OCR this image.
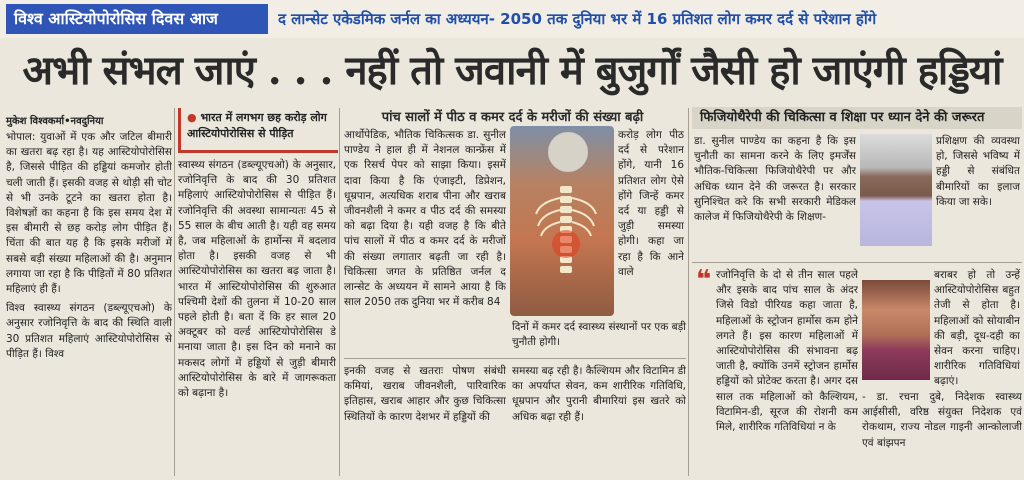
विश्व आस्टियोपोरोसिस दिवस आज	द लान्सेट एकेडमिक जर्नल का अध्ययन- 2050 तक दुनिया भर में 16 प्रतिशत लोग कमर दर्द से परेशान होंगे
अभी संभल जाएं . . . नहीं तो जवानी में बुजुर्गों जैसी हो जाएंगी हड्डियां
मुकेश विश्वकर्मा•नवदुनिया

भोपाल: युवाओं में एक और जटिल बीमारी का खतरा बढ़ रहा है। यह आस्टियोपोरोसिस है, जिससे पीड़ित की हड्डियां कमजोर होती चली जाती हैं। इसकी वजह से थोड़ी सी चोट से भी उनके टूटने का खतरा होता है। विशेषज्ञों का कहना है कि इस समय देश में इस बीमारी से छह करोड़ लोग पीड़ित हैं। चिंता की बात यह है कि इसके मरीजों में सबसे बड़ी संख्या महिलाओं की है। अनुमान लगाया जा रहा है कि पीड़ितों में 80 प्रतिशत महिलाएं ही हैं।

विश्व स्वास्थ्य संगठन (डब्ल्यूएचओ) के अनुसार रजोनिवृत्ति के बाद की स्थिति वाली 30 प्रतिशत महिलाएं आस्टियोपोरोसिस से पीड़ित हैं। विश्व

● भारत में लगभग छह करोड़ लोग आस्टियोपोरोसिस से पीड़ित

स्वास्थ्य संगठन (डब्ल्यूएचओ) के अनुसार, रजोनिवृत्ति के बाद की 30 प्रतिशत महिलाएं आस्टियोपोरोसिस से पीड़ित हैं। रजोनिवृत्ति की अवस्था सामान्यतः 45 से 55 साल के बीच आती है। यही वह समय है, जब महिलाओं के हार्मोन्स में बदलाव होता है। इसकी वजह से भी आस्टियोपोरोसिस का खतरा बढ़ जाता है। भारत में आस्टियोपोरोसिस की शुरुआत पश्चिमी देशों की तुलना में 10-20 साल पहले होती है। बता दें कि हर साल 20 अक्टूबर को वर्ल्ड आस्टियोपोरोसिस डे मनाया जाता है। इस दिन को मनाने का मकसद लोगों में हड्डियों से जुड़ी बीमारी आस्टियोपोरोसिस के बारे में जागरूकता को बढ़ाना है।

पांच सालों में पीठ व कमर दर्द के मरीजों की संख्या बढ़ी
आर्थोपेडिक, भौतिक चिकित्सक डा. सुनील पाण्डेय ने हाल ही में नेशनल कान्फ्रेंस में एक रिसर्च पेपर को साझा किया। इसमें दावा किया है कि एंजाइटी, डिप्रेशन, धूम्रपान, अत्यधिक शराब पीना और खराब जीवनशैली ने कमर व पीठ दर्द की समस्या को बढ़ा दिया है। यही वजह है कि बीते पांच सालों में पीठ व कमर दर्द के मरीजों की संख्या लगातार बढ़ती जा रही है। चिकित्सा जगत के प्रतिष्ठित जर्नल द लान्सेट के अध्ययन में सामने आया है कि साल 2050 तक दुनिया भर में करीब 84
करोड़ लोग पीठ दर्द से परेशान होंगे, यानी 16 प्रतिशत लोग ऐसे होंगे जिन्हें कमर दर्द या हड्डी से जुड़ी समस्या होगी। कहा जा रहा है कि आने वाले
दिनों में कमर दर्द स्वास्थ्य संस्थानों पर एक बड़ी चुनौती होगी।
इनकी वजह से खतराः पोषण संबंधी कमियां, खराब जीवनशैली, पारिवारिक इतिहास, खराब आहार और कुछ चिकित्सा स्थितियों के कारण देशभर में हड्डियों की
समस्या बढ़ रही है। कैल्शियम और विटामिन डी का अपर्याप्त सेवन, कम शारीरिक गतिविधि, धूम्रपान और पुरानी बीमारियां इस खतरे को अधिक बढ़ा रही हैं।
फिजियोथैरेपी की चिकित्सा व शिक्षा पर ध्यान देने की जरूरत
डा. सुनील पाण्डेय का कहना है कि इस चुनौती का सामना करने के लिए इमर्जेंस भौतिक-चिकित्सा फिजियोथैरेपी पर और अधिक ध्यान देने की जरूरत है। सरकार सुनिश्चित करे कि सभी सरकारी मेडिकल कालेज में फिजियोथैरेपी के शिक्षण-
प्रशिक्षण की व्यवस्था हो, जिससे भविष्य में हड्डी से संबंधित बीमारियों का इलाज किया जा सके।
❝ रजोनिवृत्ति के दो से तीन साल पहले और इसके बाद पांच साल के अंदर जिसे विडो पीरियड कहा जाता है, महिलाओं के स्ट्रोजन हार्मोस कम होने लगते हैं। इस कारण महिलाओं में आस्टियोपोरोसिस की संभावना बढ़ जाती है, क्योंकि उनमें स्ट्रोजन हार्मोस हड्डियों को प्रोटेक्ट करता है। अगर दस साल तक महिलाओं को कैल्शियम, विटामिन-डी, सूरज की रोशनी कम मिले, शारीरिक गतिविधियां न के
बराबर हो तो उन्हें आस्टियोपोरोसिस बहुत तेजी से होता है। महिलाओं को सोयाबीन की बड़ी, दूध-दही का सेवन करना चाहिए। शारीरिक गतिविधियां बढ़ाएं।
- डा. रचना दुबे, निदेशक स्वास्थ्य आईसीसी, वरिष्ठ संयुक्त निदेशक एवं रोकथाम, राज्य नोडल गाइनी आन्कोलाजी एवं बांझपन
